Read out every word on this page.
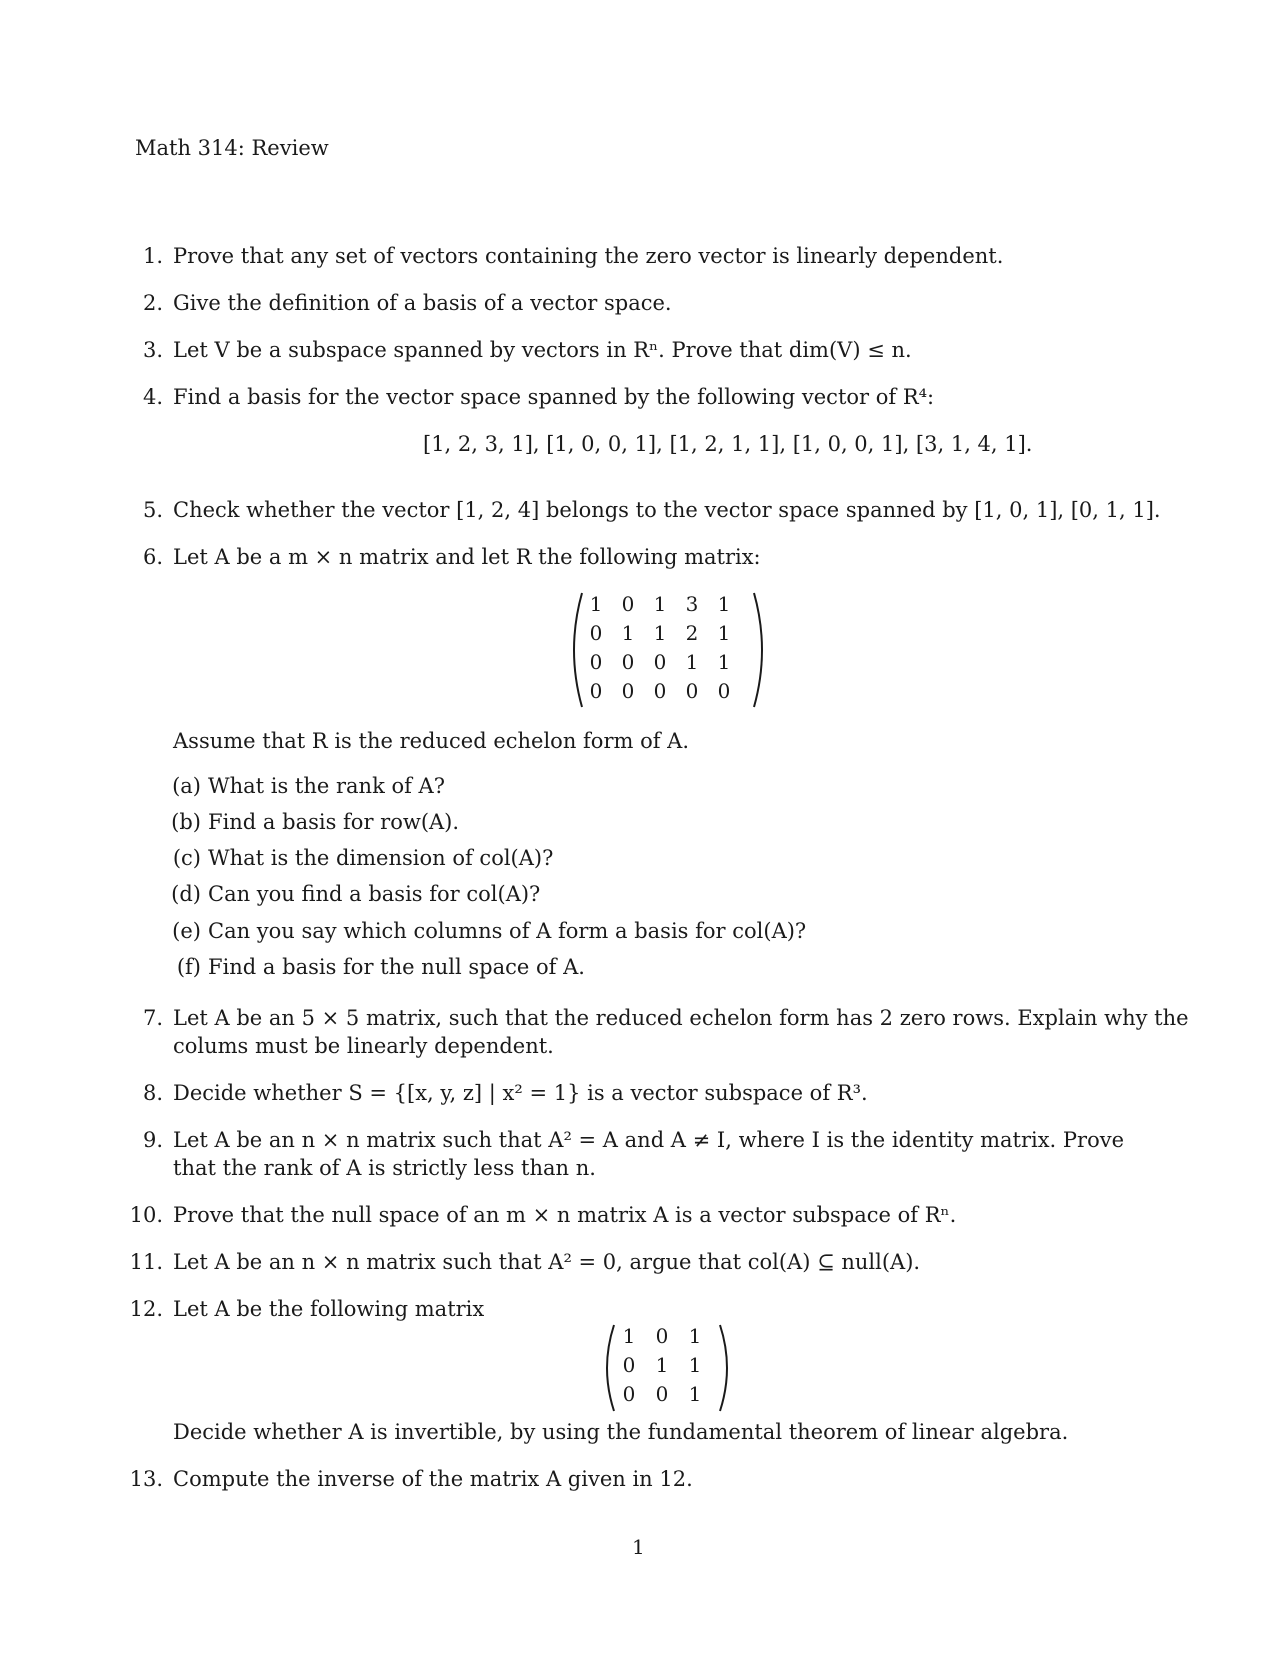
Math 314: Review
1. Prove that any set of vectors containing the zero vector is linearly dependent.
2. Give the definition of a basis of a vector space.
3. Let V be a subspace spanned by vectors in Rⁿ. Prove that dim(V) ≤ n.
4. Find a basis for the vector space spanned by the following vector of R⁴:
[1, 2, 3, 1], [1, 0, 0, 1], [1, 2, 1, 1], [1, 0, 0, 1], [3, 1, 4, 1].
5. Check whether the vector [1, 2, 4] belongs to the vector space spanned by [1, 0, 1], [0, 1, 1].
6. Let A be a m × n matrix and let R the following matrix:
1 0 1 3 1
0 1 1 2 1
0 0 0 1 1
0 0 0 0 0
Assume that R is the reduced echelon form of A.
(a) What is the rank of A?
(b) Find a basis for row(A).
(c) What is the dimension of col(A)?
(d) Can you find a basis for col(A)?
(e) Can you say which columns of A form a basis for col(A)?
(f) Find a basis for the null space of A.
7. Let A be an 5 × 5 matrix, such that the reduced echelon form has 2 zero rows. Explain why the
colums must be linearly dependent.
8. Decide whether S = {[x, y, z] | x² = 1} is a vector subspace of R³.
9. Let A be an n × n matrix such that A² = A and A ≠ I, where I is the identity matrix. Prove
that the rank of A is strictly less than n.
10. Prove that the null space of an m × n matrix A is a vector subspace of Rⁿ.
11. Let A be an n × n matrix such that A² = 0, argue that col(A) ⊆ null(A).
12. Let A be the following matrix
1	0	1
0	1	1
0	0	1
Decide whether A is invertible, by using the fundamental theorem of linear algebra.
13. Compute the inverse of the matrix A given in 12.
1
